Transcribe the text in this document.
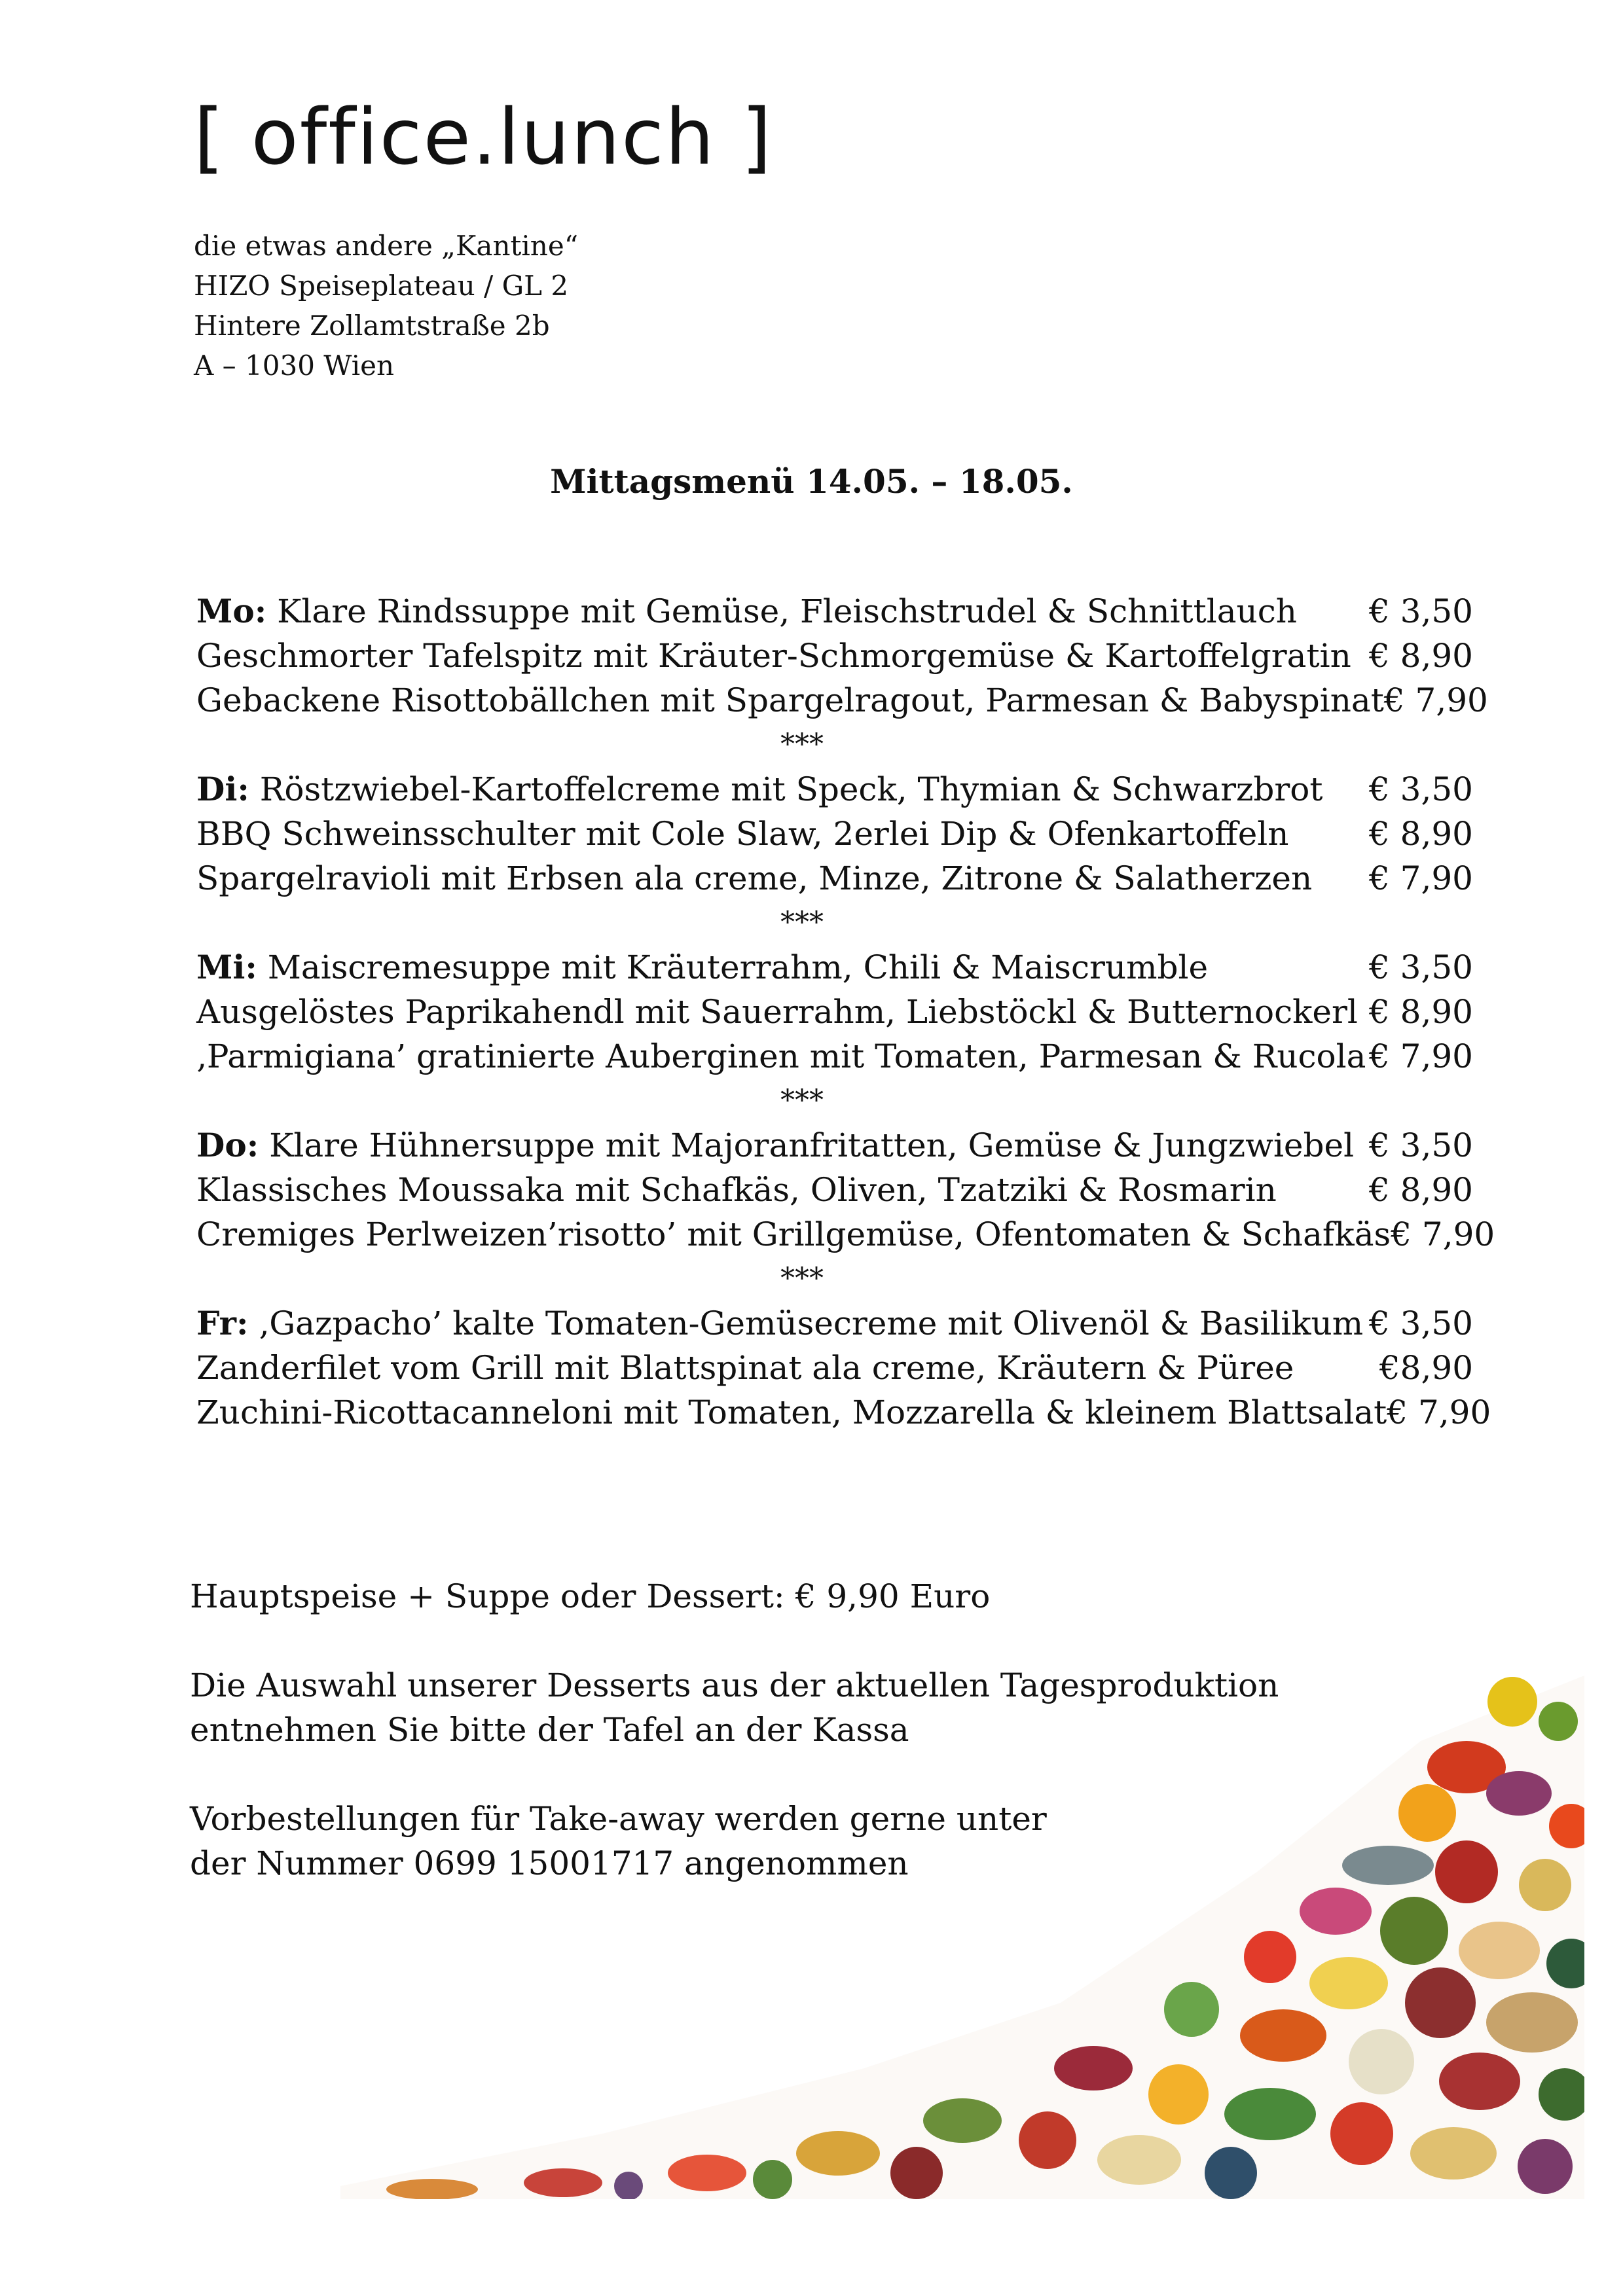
[ office.lunch ]
die etwas andere „Kantine“
HIZO Speiseplateau / GL 2
Hintere Zollamtstraße 2b
A – 1030 Wien
Mittagsmenü 14.05. – 18.05.
Mo: Klare Rindssuppe mit Gemüse, Fleischstrudel & Schnittlauch € 3,50
Geschmorter Tafelspitz mit Kräuter-Schmorgemüse & Kartoffelgratin € 8,90
Gebackene Risottobällchen mit Spargelragout, Parmesan & Babyspinat € 7,90
***
Di: Röstzwiebel-Kartoffelcreme mit Speck, Thymian & Schwarzbrot € 3,50
BBQ Schweinsschulter mit Cole Slaw, 2erlei Dip & Ofenkartoffeln € 8,90
Spargelravioli mit Erbsen ala creme, Minze, Zitrone & Salatherzen € 7,90
***
Mi: Maiscremesuppe mit Kräuterrahm, Chili & Maiscrumble	€ 3,50
Ausgelöstes Paprikahendl mit Sauerrahm, Liebstöckl & Butternockerl € 8,90
‚Parmigiana’ gratinierte Auberginen mit Tomaten, Parmesan & Rucola € 7,90
***
Do: Klare Hühnersuppe mit Majoranfritatten, Gemüse & Jungzwiebel € 3,50
Klassisches Moussaka mit Schafkäs, Oliven, Tzatziki & Rosmarin	€ 8,90
Cremiges Perlweizen’risotto’ mit Grillgemüse, Ofentomaten & Schafkäs € 7,90
***
Fr: ‚Gazpacho’ kalte Tomaten-Gemüsecreme mit Olivenöl & Basilikum € 3,50
Zanderfilet vom Grill mit Blattspinat ala creme, Kräutern & Püree	€8,90
Zuchini-Ricottacanneloni mit Tomaten, Mozzarella & kleinem Blattsalat € 7,90

Hauptspeise + Suppe oder Dessert: € 9,90 Euro

Die Auswahl unserer Desserts aus der aktuellen Tagesproduktion
entnehmen Sie bitte der Tafel an der Kassa

Vorbestellungen für Take-away werden gerne unter
der Nummer 0699 15001717 angenommen
